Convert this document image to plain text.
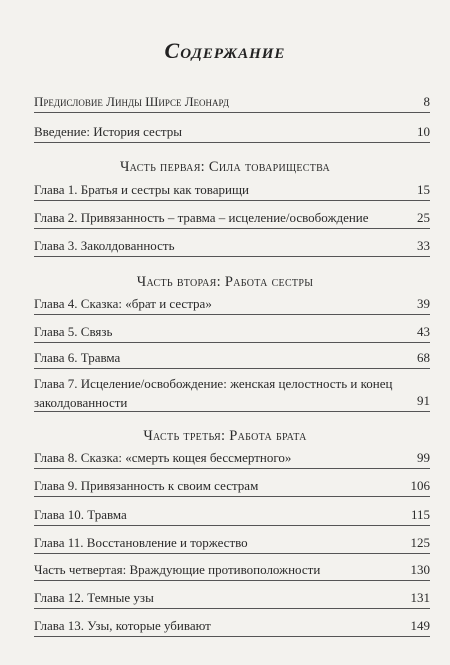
Содержание
Предисловие Линды Ширсе Леонард	8
Введение: История сестры	10
Часть первая: Сила товарищества
Глава 1. Братья и сестры как товарищи	15
Глава 2. Привязанность – травма – исцеление/освобождение	25
Глава 3. Заколдованность	33
Часть вторая: Работа сестры
Глава 4. Сказка: «брат и сестра»	39
Глава 5. Связь	43
Глава 6. Травма	68
Глава 7. Исцеление/освобождение: женская целостность и конец заколдованности	91
Часть третья: Работа брата
Глава 8. Сказка: «смерть кощея бессмертного»	99
Глава 9. Привязанность к своим сестрам	106
Глава 10. Травма	115
Глава 11. Восстановление и торжество	125
Часть четвертая: Враждующие противоположности	130
Глава 12. Темные узы	131
Глава 13. Узы, которые убивают	149
